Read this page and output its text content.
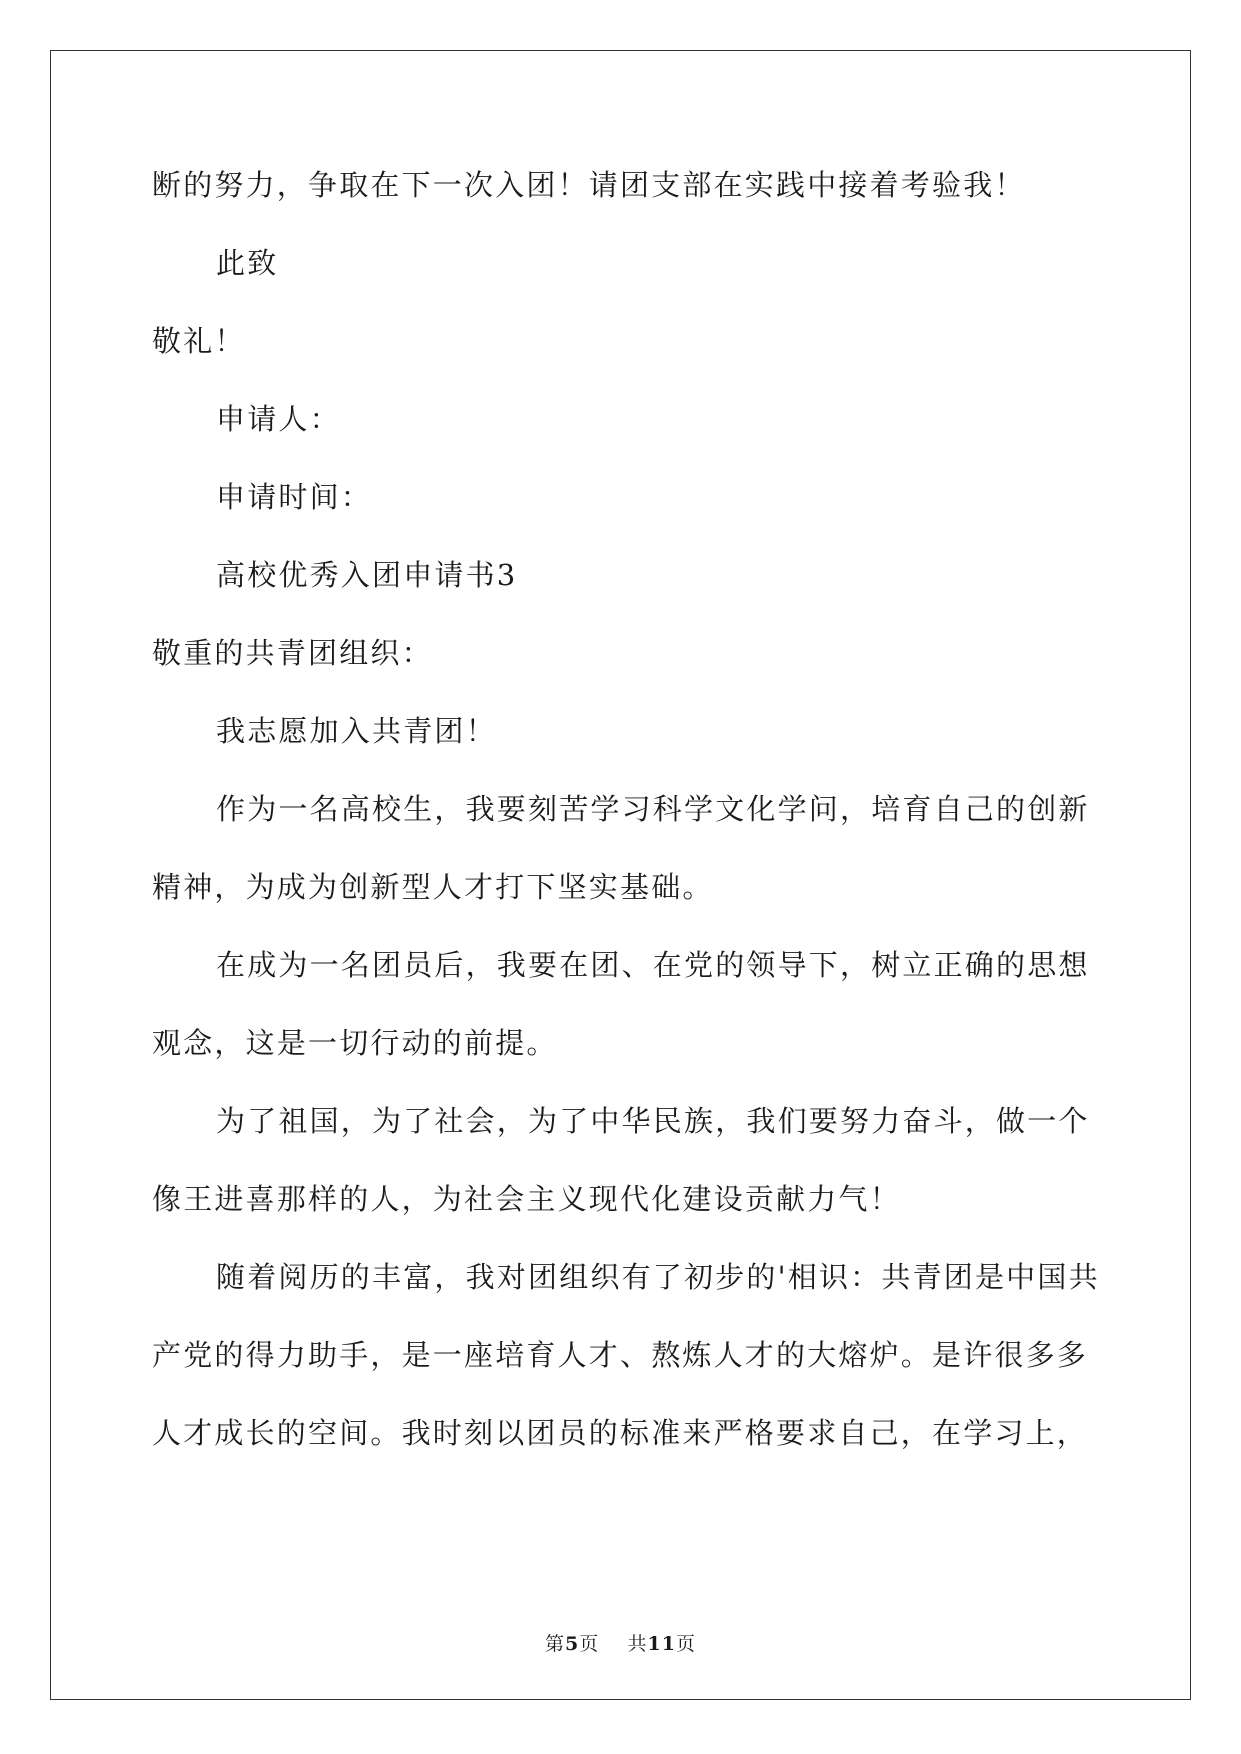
断的努力，争取在下一次入团！请团支部在实践中接着考验我！
此致
敬礼！
申请人：
申请时间：
高校优秀入团申请书3
敬重的共青团组织：
我志愿加入共青团！
作为一名高校生，我要刻苦学习科学文化学问，培育自己的创新
精神，为成为创新型人才打下坚实基础。
在成为一名团员后，我要在团、在党的领导下，树立正确的思想
观念，这是一切行动的前提。
为了祖国，为了社会，为了中华民族，我们要努力奋斗，做一个
像王进喜那样的人，为社会主义现代化建设贡献力气！
随着阅历的丰富，我对团组织有了初步的'相识：共青团是中国共
产党的得力助手，是一座培育人才、熬炼人才的大熔炉。是许很多多
人才成长的空间。我时刻以团员的标准来严格要求自己，在学习上，
第5页 共11页
